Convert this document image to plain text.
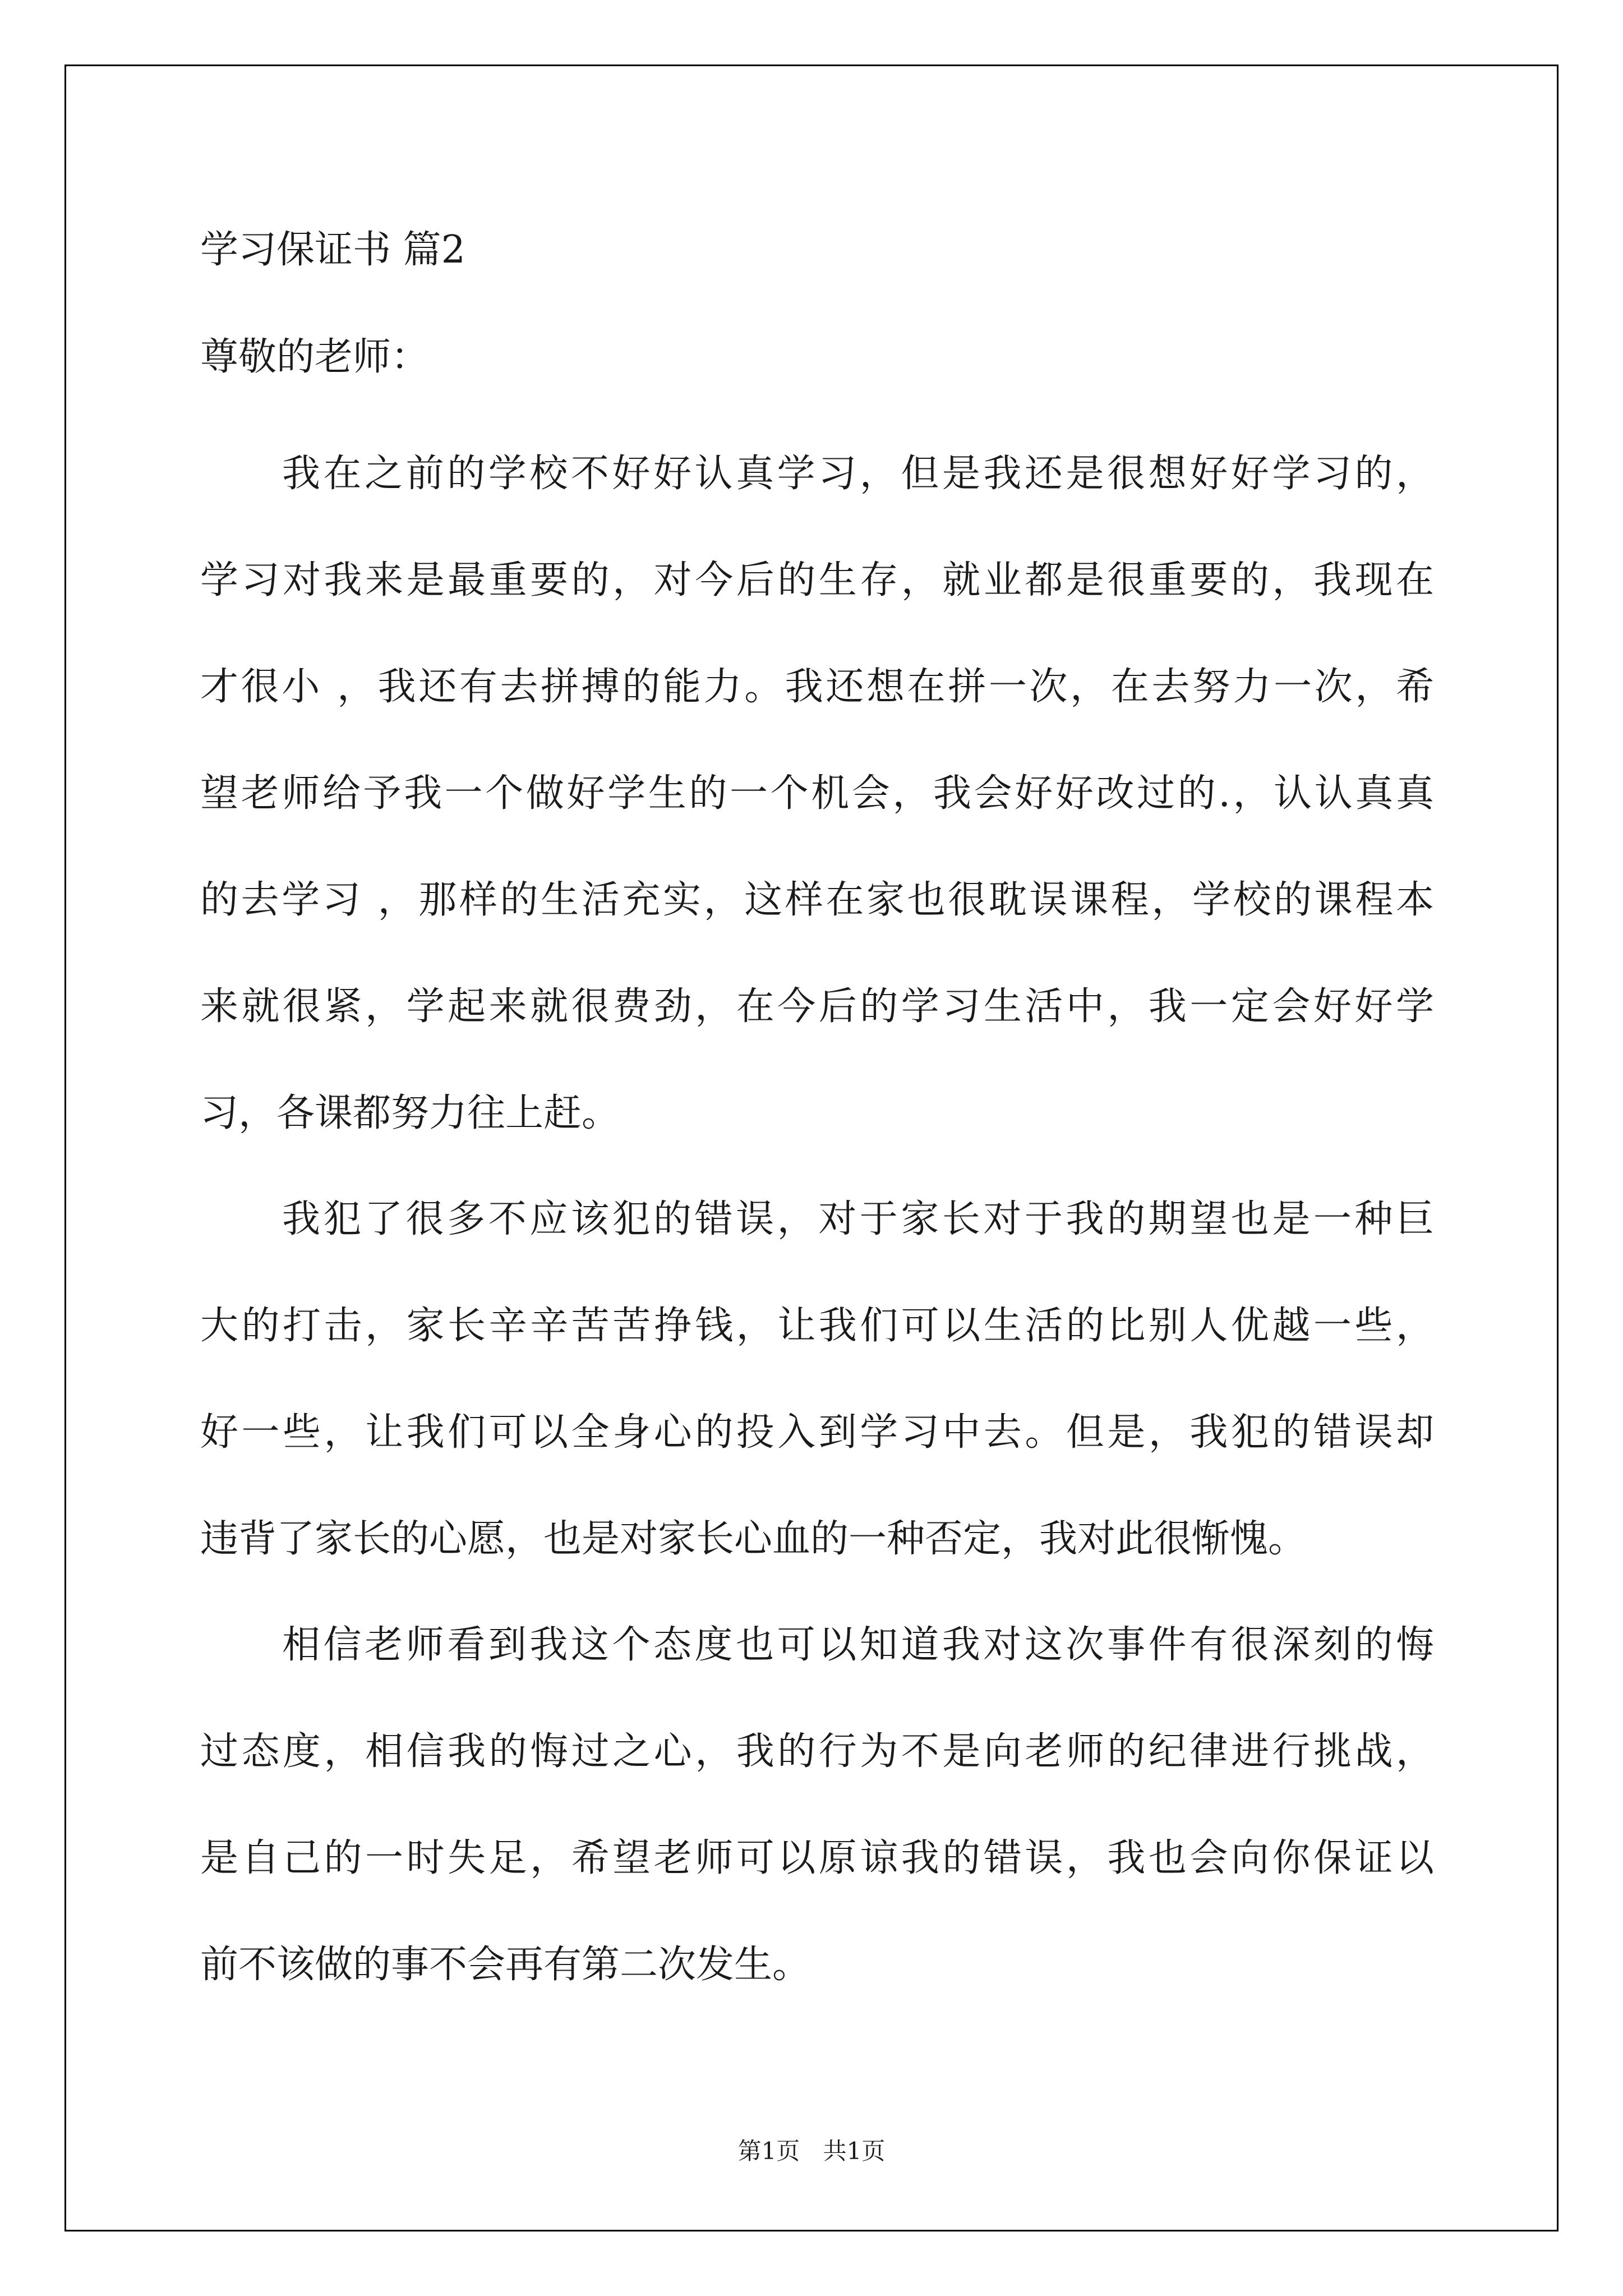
学习保证书 篇2
尊敬的老师：
我在之前的学校不好好认真学习，但是我还是很想好好学习的，
学习对我来是最重要的，对今后的生存，就业都是很重要的，我现在
才很小 ，我还有去拼搏的能力。我还想在拼一次，在去努力一次，希
望老师给予我一个做好学生的一个机会，我会好好改过的.，认认真真
的去学习 ，那样的生活充实，这样在家也很耽误课程，学校的课程本
来就很紧，学起来就很费劲，在今后的学习生活中，我一定会好好学
习，各课都努力往上赶。
我犯了很多不应该犯的错误，对于家长对于我的期望也是一种巨
大的打击，家长辛辛苦苦挣钱，让我们可以生活的比别人优越一些，
好一些，让我们可以全身心的投入到学习中去。但是，我犯的错误却
违背了家长的心愿，也是对家长心血的一种否定，我对此很惭愧。
相信老师看到我这个态度也可以知道我对这次事件有很深刻的悔
过态度，相信我的悔过之心，我的行为不是向老师的纪律进行挑战，
是自己的一时失足，希望老师可以原谅我的错误，我也会向你保证以
前不该做的事不会再有第二次发生。
第1页 共1页
